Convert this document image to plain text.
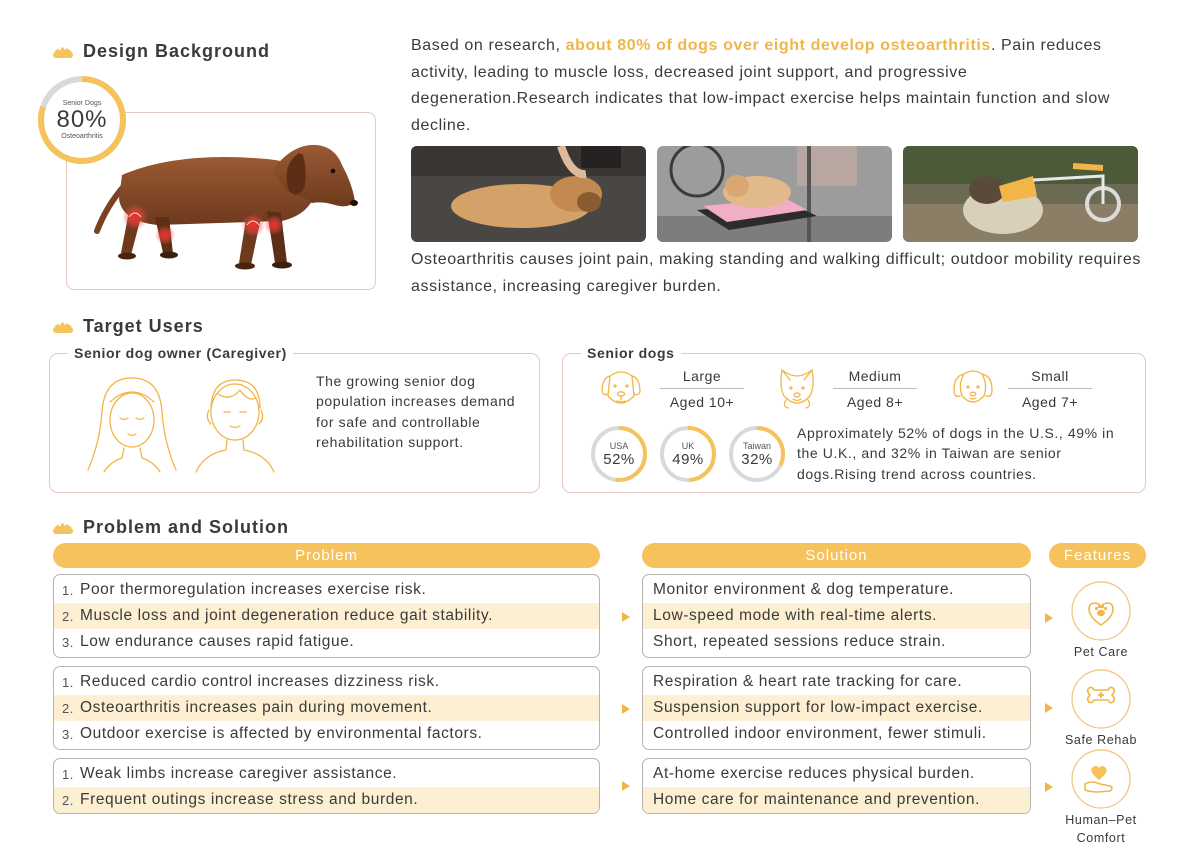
Design Background
Senior Dogs
80%
Osteoarthritis

Based on research, about 80% of dogs over eight develop osteoarthritis. Pain reduces activity, leading to muscle loss, decreased joint support, and progressive degeneration.Research indicates that low-impact exercise helps maintain function and slow decline.

Osteoarthritis causes joint pain, making standing and walking difficult; outdoor mobility requires assistance, increasing caregiver burden.

Target Users
Senior dog owner (Caregiver)

The growing senior dog population increases demand for safe and controllable rehabilitation support.

Senior dogs
Large
Aged 10+
Medium
Aged 8+
Small
Aged 7+
USA
52%
UK
49%
Taiwan
32%

Approximately 52% of dogs in the U.S., 49% in the U.K., and 32% in Taiwan are senior dogs.Rising trend across countries.

Problem and Solution
Problem	Solution	Features
1. Poor thermoregulation increases exercise risk.
2. Muscle loss and joint degeneration reduce gait stability.
3. Low endurance causes rapid fatigue.
Monitor environment & dog temperature.
Low-speed mode with real-time alerts.
Short, repeated sessions reduce strain.
1. Reduced cardio control increases dizziness risk.
2. Osteoarthritis increases pain during movement.
3. Outdoor exercise is affected by environmental factors.
Respiration & heart rate tracking for care.
Suspension support for low-impact exercise.
Controlled indoor environment, fewer stimuli.
1. Weak limbs increase caregiver assistance.
2. Frequent outings increase stress and burden.
At-home exercise reduces physical burden.
Home care for maintenance and prevention.
Pet Care
Safe Rehab
Human–Pet Comfort
